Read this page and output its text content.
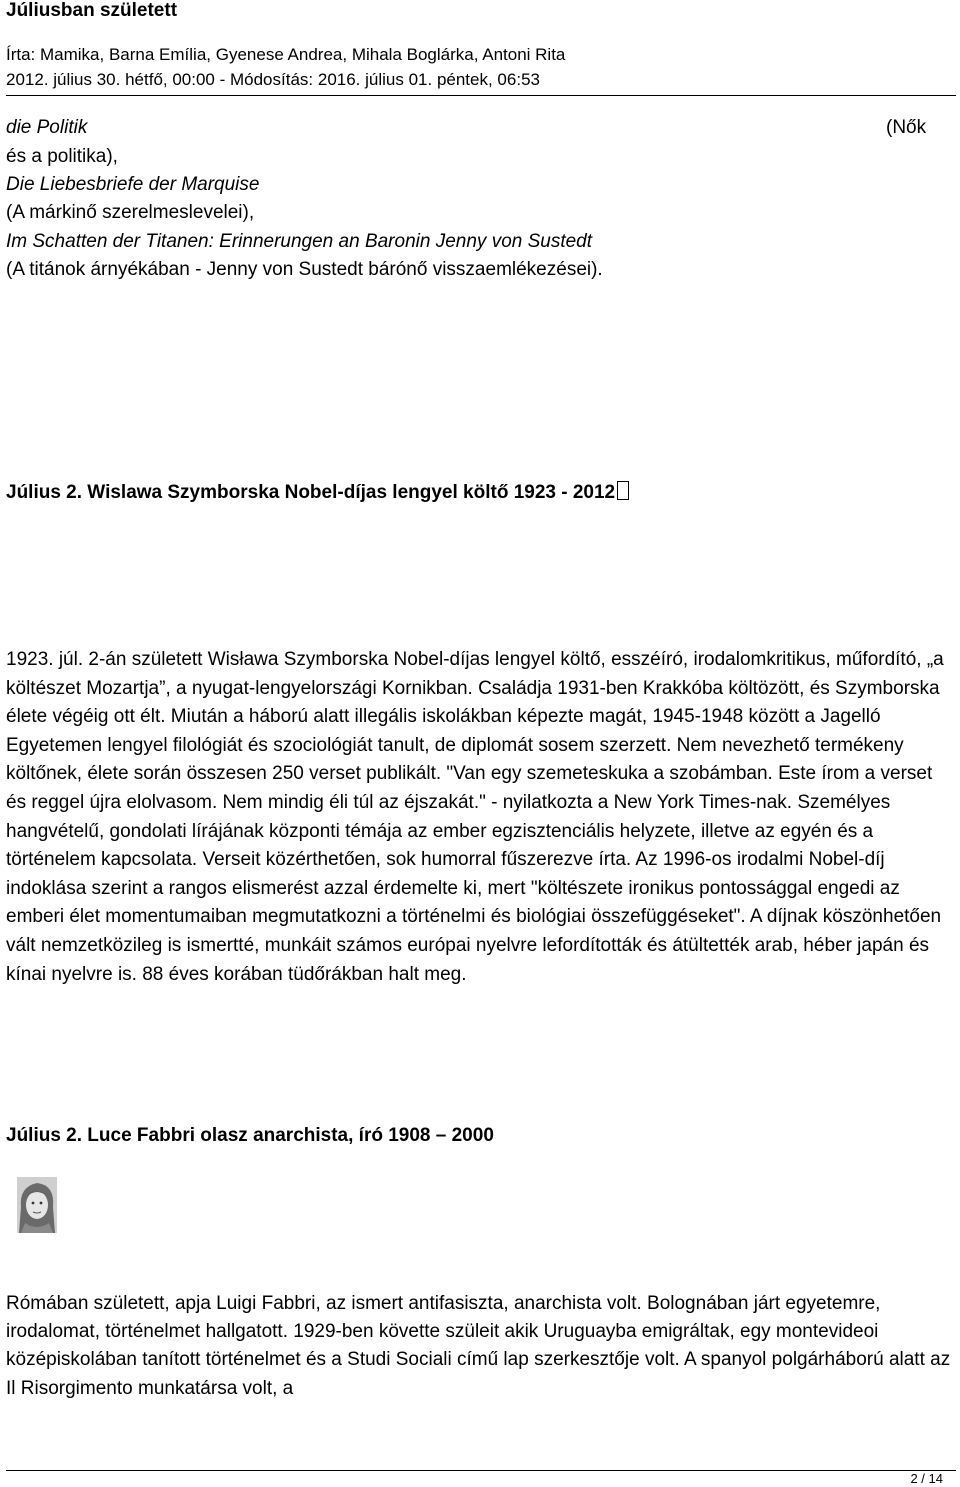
Júliusban született
Írta: Mamika, Barna Emília, Gyenese Andrea, Mihala Boglárka, Antoni Rita
2012. július 30. hétfő, 00:00 - Módosítás: 2016. július 01. péntek, 06:53
die Politik	(Nők
és a politika),
Die Liebesbriefe der Marquise
(A márkinő szerelmeslevelei),
Im Schatten der Titanen: Erinnerungen an Baronin Jenny von Sustedt
(A titánok árnyékában - Jenny von Sustedt bárónő visszaemlékezései).
Július 2. Wislawa Szymborska Nobel-díjas lengyel költő 1923 - 2012
1923. júl. 2-án született Wisława Szymborska Nobel-díjas lengyel költő, esszéíró, irodalomkritikus, műfordító, „a költészet Mozartja”, a nyugat-lengyelországi Kornikban. Családja 1931-ben Krakkóba költözött, és Szymborska élete végéig ott élt. Miután a háború alatt illegális iskolákban képezte magát, 1945-1948 között a Jagelló Egyetemen lengyel filológiát és szociológiát tanult, de diplomát sosem szerzett. Nem nevezhető termékeny költőnek, élete során összesen 250 verset publikált. "Van egy szemeteskuka a szobámban. Este írom a verset és reggel újra elolvasom. Nem mindig éli túl az éjszakát." - nyilatkozta a New York Times-nak. Személyes hangvételű, gondolati lírájának központi témája az ember egzisztenciális helyzete, illetve az egyén és a történelem kapcsolata. Verseit közérthetően, sok humorral fűszerezve írta. Az 1996-os irodalmi Nobel-díj indoklása szerint a rangos elismerést azzal érdemelte ki, mert "költészete ironikus pontossággal engedi az emberi élet momentumaiban megmutatkozni a történelmi és biológiai összefüggéseket". A díjnak köszönhetően vált nemzetközileg is ismertté, munkáit számos európai nyelvre lefordították és átültették arab, héber japán és kínai nyelvre is. 88 éves korában tüdőrákban halt meg.
Július 2. Luce Fabbri olasz anarchista, író 1908 – 2000
Rómában született, apja Luigi Fabbri, az ismert antifasiszta, anarchista volt. Bolognában járt egyetemre, irodalomat, történelmet hallgatott. 1929-ben követte szüleit akik Uruguayba emigráltak, egy montevideoi középiskolában tanított történelmet és a Studi Sociali című lap szerkesztője volt. A spanyol polgárháború alatt az Il Risorgimento munkatársa volt, a
2 / 14
